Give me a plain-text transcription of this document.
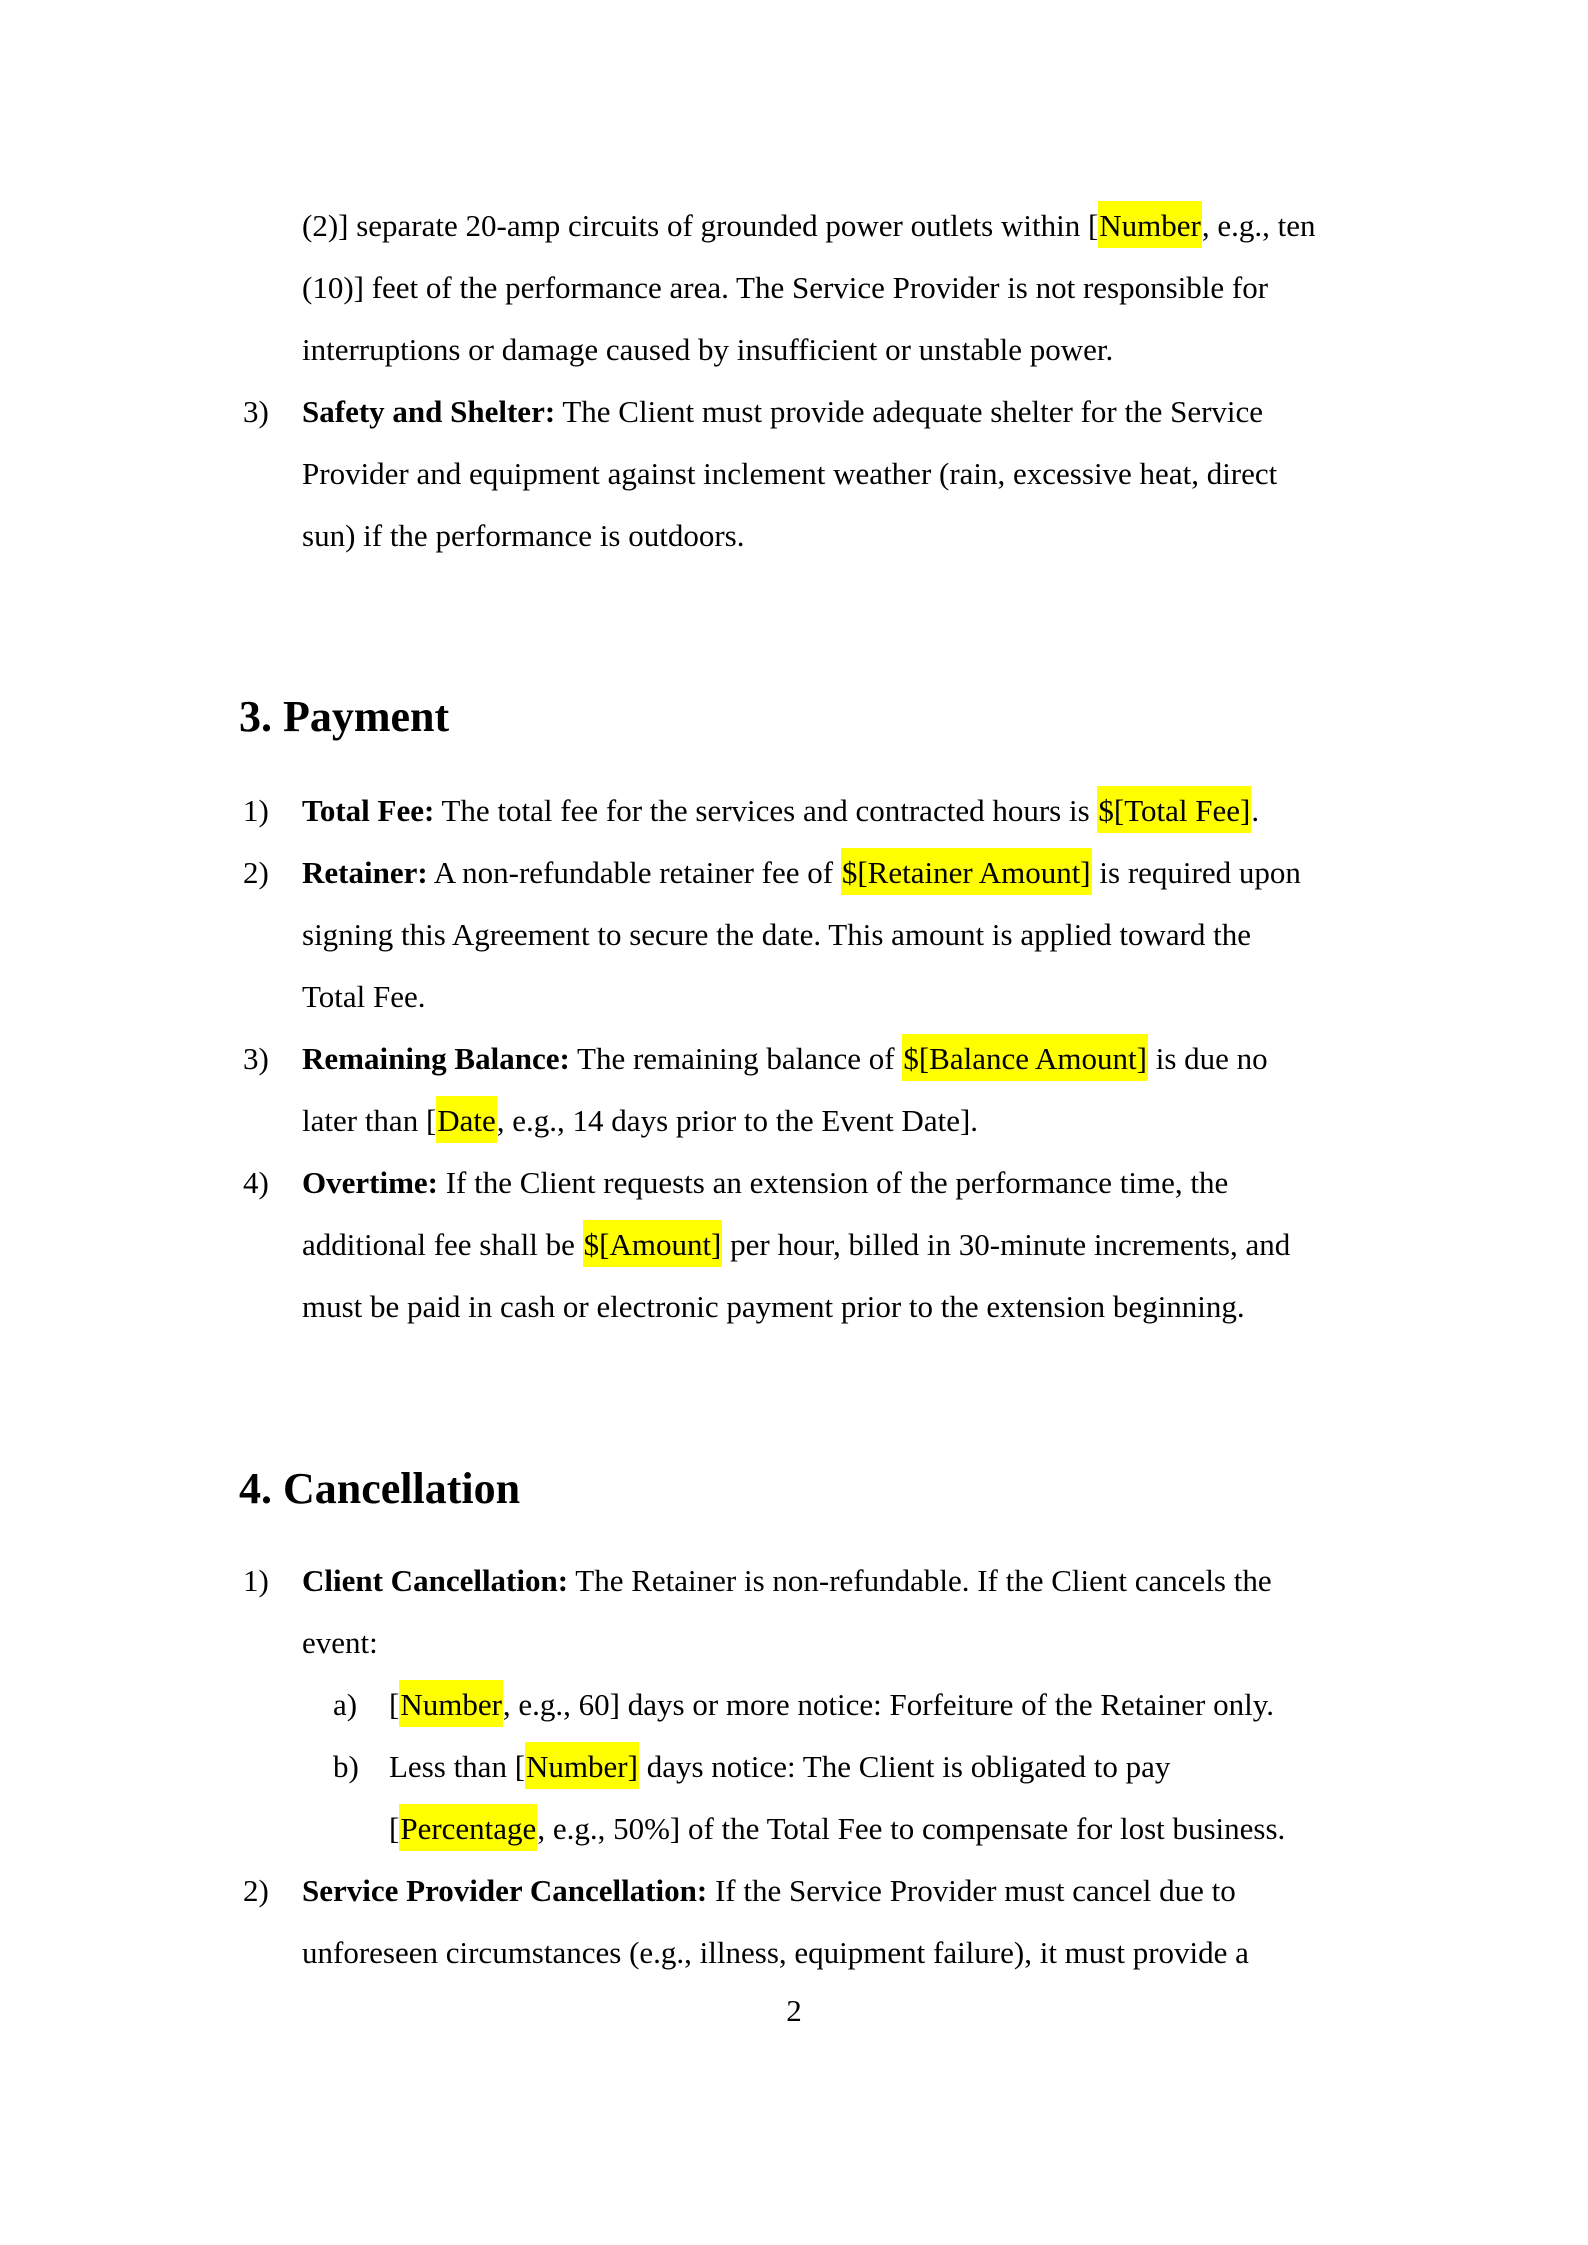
(2)] separate 20-amp circuits of grounded power outlets within [Number, e.g., ten
(10)] feet of the performance area. The Service Provider is not responsible for
interruptions or damage caused by insufficient or unstable power.
3) Safety and Shelter: The Client must provide adequate shelter for the Service
Provider and equipment against inclement weather (rain, excessive heat, direct
sun) if the performance is outdoors.
3. Payment
1) Total Fee: The total fee for the services and contracted hours is $[Total Fee].
2) Retainer: A non-refundable retainer fee of $[Retainer Amount] is required upon
signing this Agreement to secure the date. This amount is applied toward the
Total Fee.
3) Remaining Balance: The remaining balance of $[Balance Amount] is due no
later than [Date, e.g., 14 days prior to the Event Date].
4) Overtime: If the Client requests an extension of the performance time, the
additional fee shall be $[Amount] per hour, billed in 30-minute increments, and
must be paid in cash or electronic payment prior to the extension beginning.
4. Cancellation
1) Client Cancellation: The Retainer is non-refundable. If the Client cancels the
event:
a) [Number, e.g., 60] days or more notice: Forfeiture of the Retainer only.
b) Less than [Number] days notice: The Client is obligated to pay
[Percentage, e.g., 50%] of the Total Fee to compensate for lost business.
2) Service Provider Cancellation: If the Service Provider must cancel due to
unforeseen circumstances (e.g., illness, equipment failure), it must provide a
2
